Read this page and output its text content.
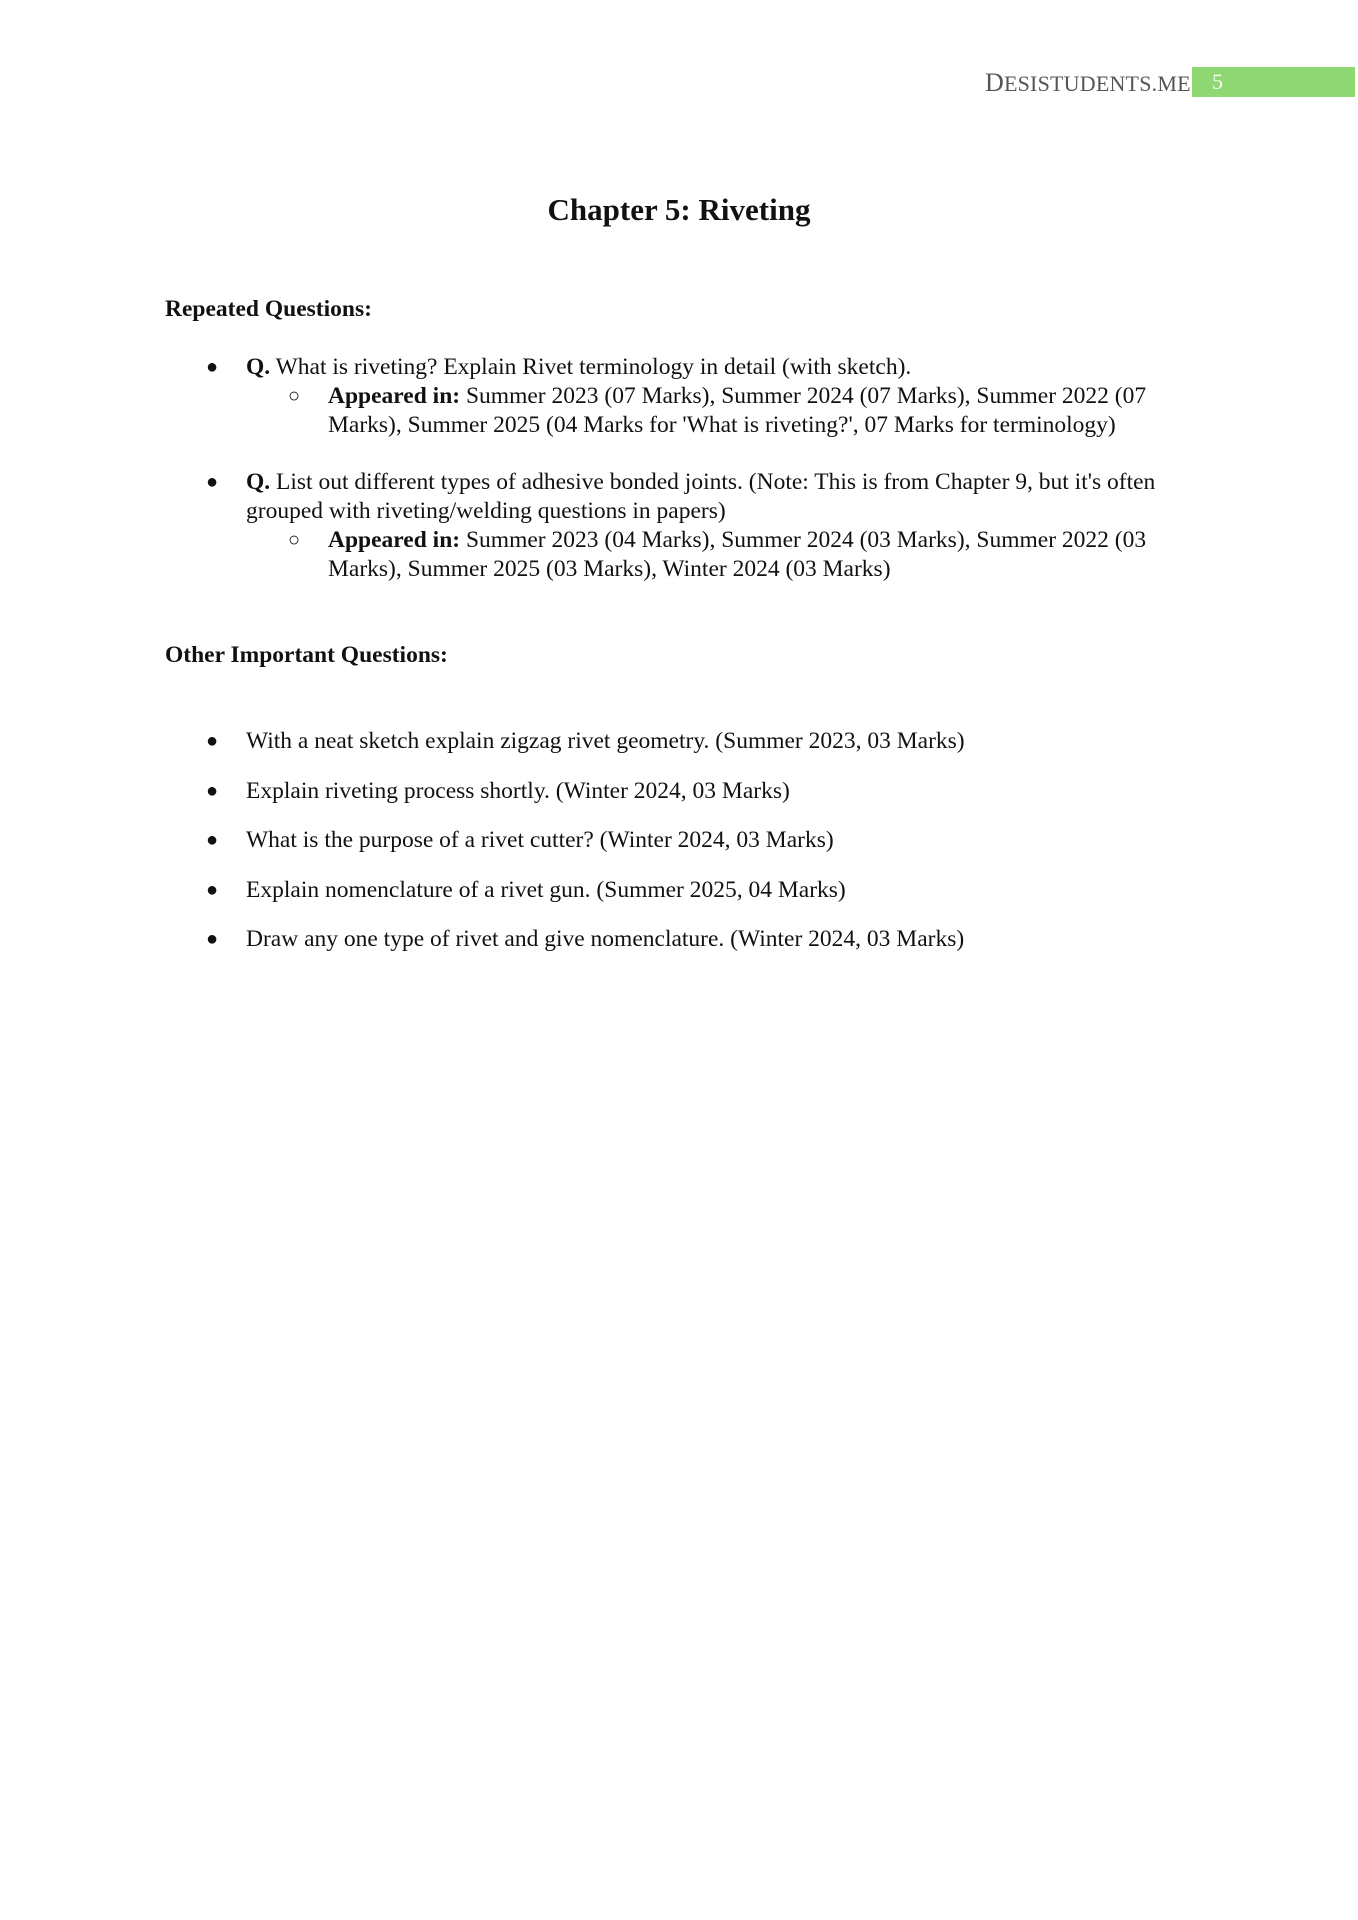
DESISTUDENTS.ME 5
Chapter 5: Riveting
Repeated Questions:
● Q. What is riveting? Explain Rivet terminology in detail (with sketch).
○ Appeared in: Summer 2023 (07 Marks), Summer 2024 (07 Marks), Summer 2022 (07 Marks), Summer 2025 (04 Marks for 'What is riveting?', 07 Marks for terminology)
● Q. List out different types of adhesive bonded joints. (Note: This is from Chapter 9, but it's often grouped with riveting/welding questions in papers)
○ Appeared in: Summer 2023 (04 Marks), Summer 2024 (03 Marks), Summer 2022 (03 Marks), Summer 2025 (03 Marks), Winter 2024 (03 Marks)
Other Important Questions:
● With a neat sketch explain zigzag rivet geometry. (Summer 2023, 03 Marks)
● Explain riveting process shortly. (Winter 2024, 03 Marks)
● What is the purpose of a rivet cutter? (Winter 2024, 03 Marks)
● Explain nomenclature of a rivet gun. (Summer 2025, 04 Marks)
● Draw any one type of rivet and give nomenclature. (Winter 2024, 03 Marks)
